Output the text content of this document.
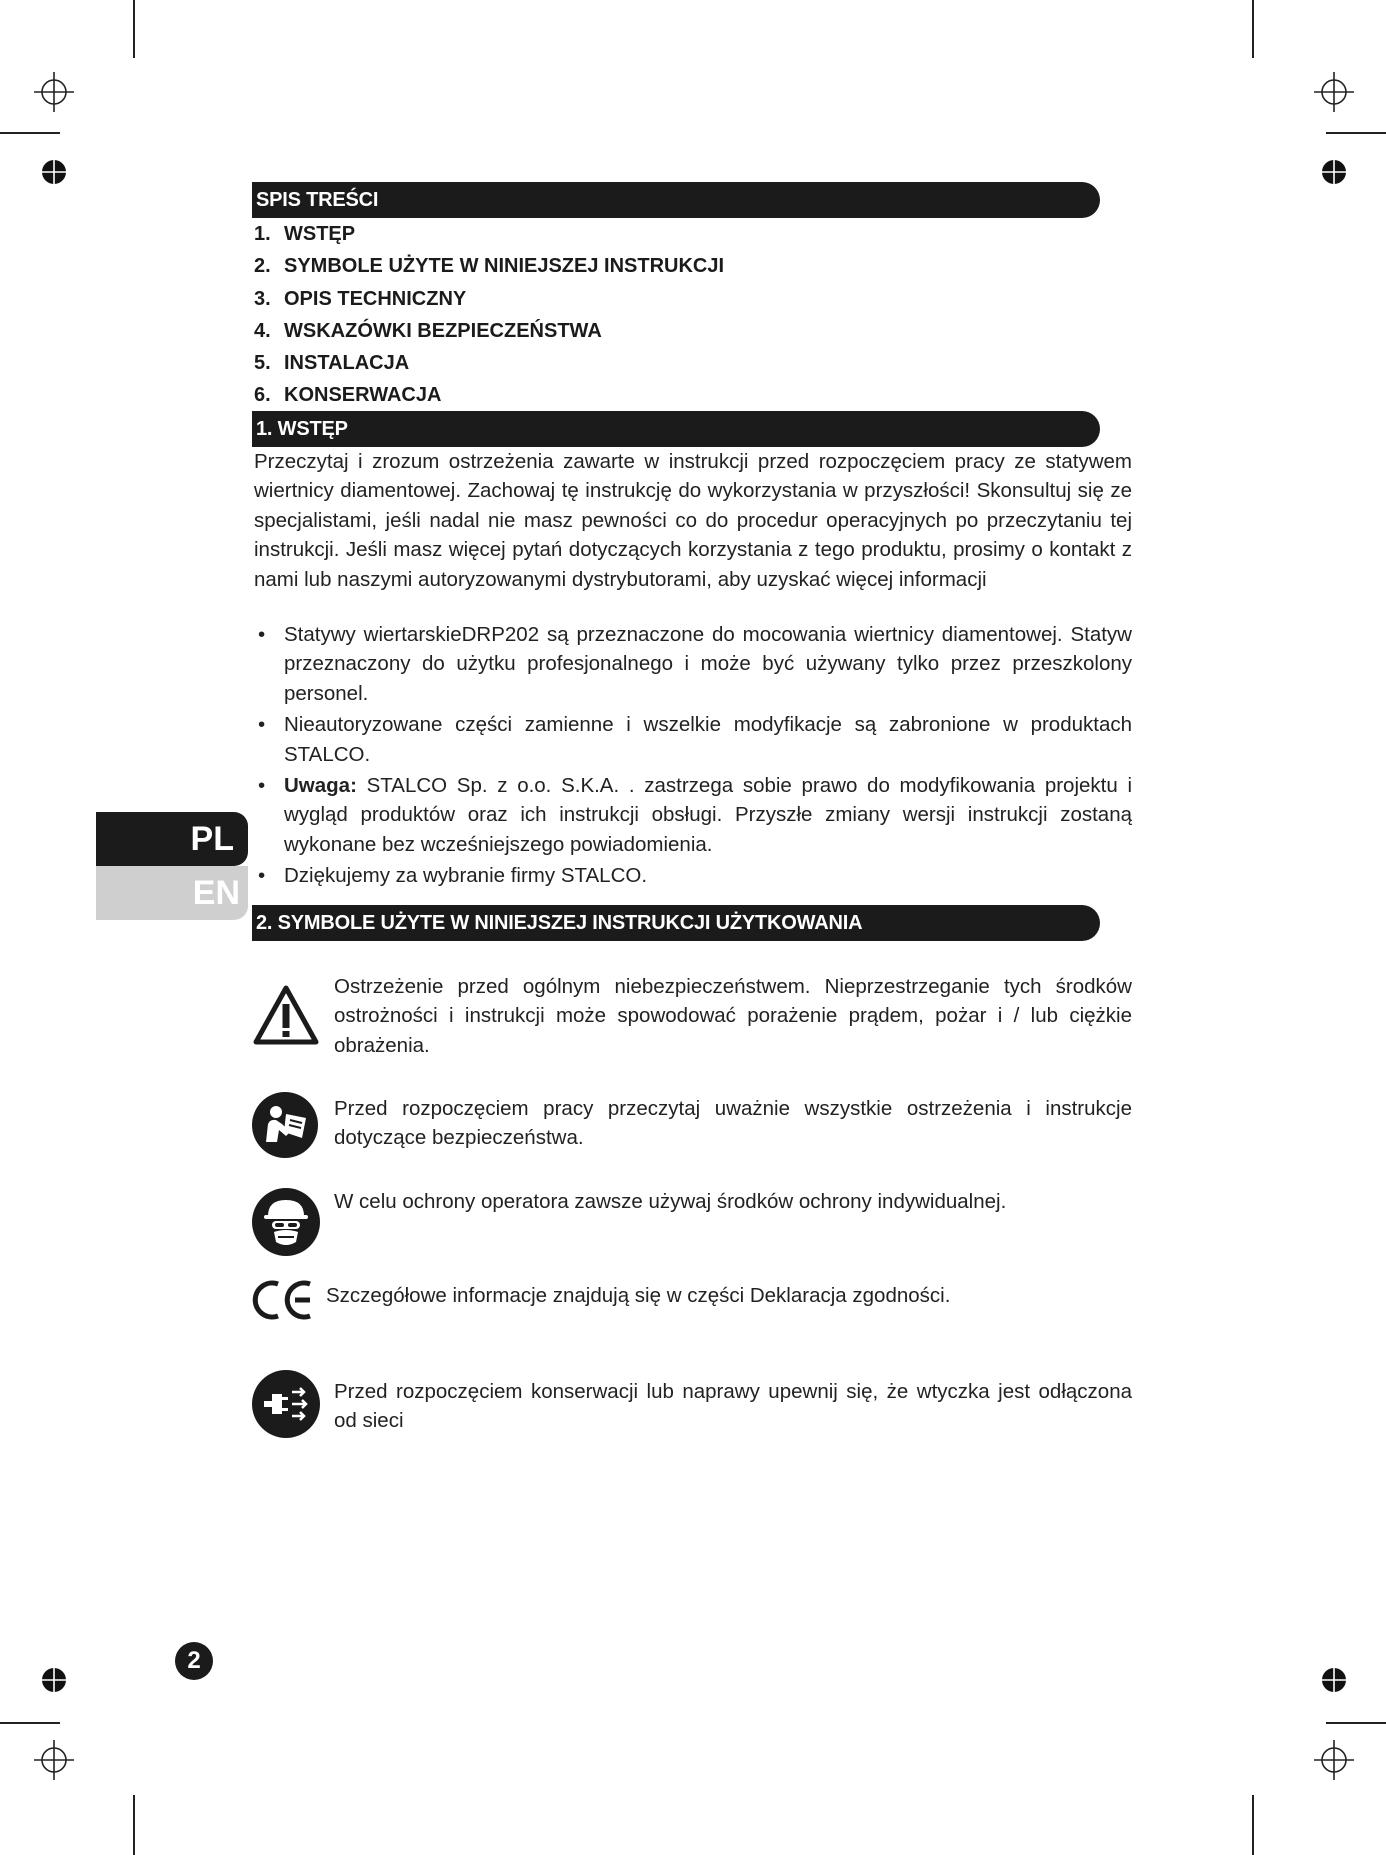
SPIS TREŚCI
1. WSTĘP
2. SYMBOLE UŻYTE W NINIEJSZEJ INSTRUKCJI
3. OPIS TECHNICZNY
4. WSKAZÓWKI BEZPIECZEŃSTWA
5. INSTALACJA
6. KONSERWACJA
1. WSTĘP

Przeczytaj i zrozum ostrzeżenia zawarte w instrukcji przed rozpoczęciem pracy ze statywem wiertnicy diamentowej. Zachowaj tę instrukcję do wykorzystania w przyszłości! Skonsultuj się ze specjalistami, jeśli nadal nie masz pewności co do procedur operacyjnych po przeczytaniu tej instrukcji. Jeśli masz więcej pytań dotyczących korzystania z tego produktu, prosimy o kontakt z nami lub naszymi autoryzowanymi dystrybutorami, aby uzyskać więcej informacji

• Statywy wiertarskieDRP202 są przeznaczone do mocowania wiertnicy diamentowej. Statyw przeznaczony do użytku profesjonalnego i może być używany tylko przez przeszkolony personel.
• Nieautoryzowane części zamienne i wszelkie modyfikacje są zabronione w produktach STALCO.
• Uwaga: STALCO Sp. z o.o. S.K.A. . zastrzega sobie prawo do modyfikowania projektu i wygląd produktów oraz ich instrukcji obsługi. Przyszłe zmiany wersji instrukcji zostaną wykonane bez wcześniejszego powiadomienia.
• Dziękujemy za wybranie firmy STALCO.
PL
EN
2. SYMBOLE UŻYTE W NINIEJSZEJ INSTRUKCJI UŻYTKOWANIA

Ostrzeżenie przed ogólnym niebezpieczeństwem. Nieprzestrzeganie tych środków ostrożności i instrukcji może spowodować porażenie prądem, pożar i / lub ciężkie obrażenia.

Przed rozpoczęciem pracy przeczytaj uważnie wszystkie ostrzeżenia i instrukcje dotyczące bezpieczeństwa.

W celu ochrony operatora zawsze używaj środków ochrony indywidualnej.

Szczegółowe informacje znajdują się w części Deklaracja zgodności.

Przed rozpoczęciem konserwacji lub naprawy upewnij się, że wtyczka jest odłączona od sieci

2
